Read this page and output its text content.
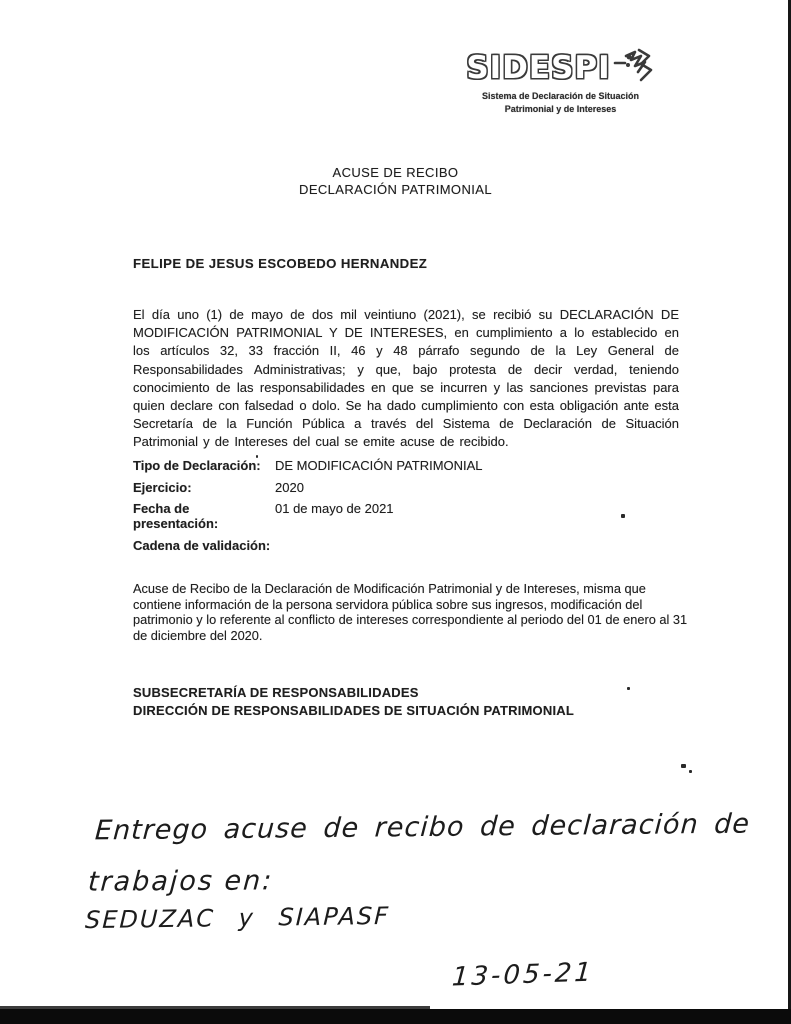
SIDESPI
Sistema de Declaración de Situación
Patrimonial y de Intereses
ACUSE DE RECIBO
DECLARACIÓN PATRIMONIAL
FELIPE DE JESUS ESCOBEDO HERNANDEZ
El día uno (1) de mayo de dos mil veintiuno (2021), se recibió su DECLARACIÓN DE MODIFICACIÓN PATRIMONIAL Y DE INTERESES, en cumplimiento a lo establecido en los artículos 32, 33 fracción II, 46 y 48 párrafo segundo de la Ley General de Responsabilidades Administrativas; y que, bajo protesta de decir verdad, teniendo conocimiento de las responsabilidades en que se incurren y las sanciones previstas para quien declare con falsedad o dolo. Se ha dado cumplimiento con esta obligación ante esta Secretaría de la Función Pública a través del Sistema de Declaración de Situación Patrimonial y de Intereses del cual se emite acuse de recibido.
Tipo de Declaración:	DE MODIFICACIÓN PATRIMONIAL
Ejercicio:	2020
Fecha de presentación:
01 de mayo de 2021
Cadena de validación:
Acuse de Recibo de la Declaración de Modificación Patrimonial y de Intereses, misma que contiene información de la persona servidora pública sobre sus ingresos, modificación del patrimonio y lo referente al conflicto de intereses correspondiente al periodo del 01 de enero al 31 de diciembre del 2020.
SUBSECRETARÍA DE RESPONSABILIDADES
DIRECCIÓN DE RESPONSABILIDADES DE SITUACIÓN PATRIMONIAL
Entrego acuse de recibo de declaración de
trabajos en:
SEDUZAC y SIAPASF
13-05-21
